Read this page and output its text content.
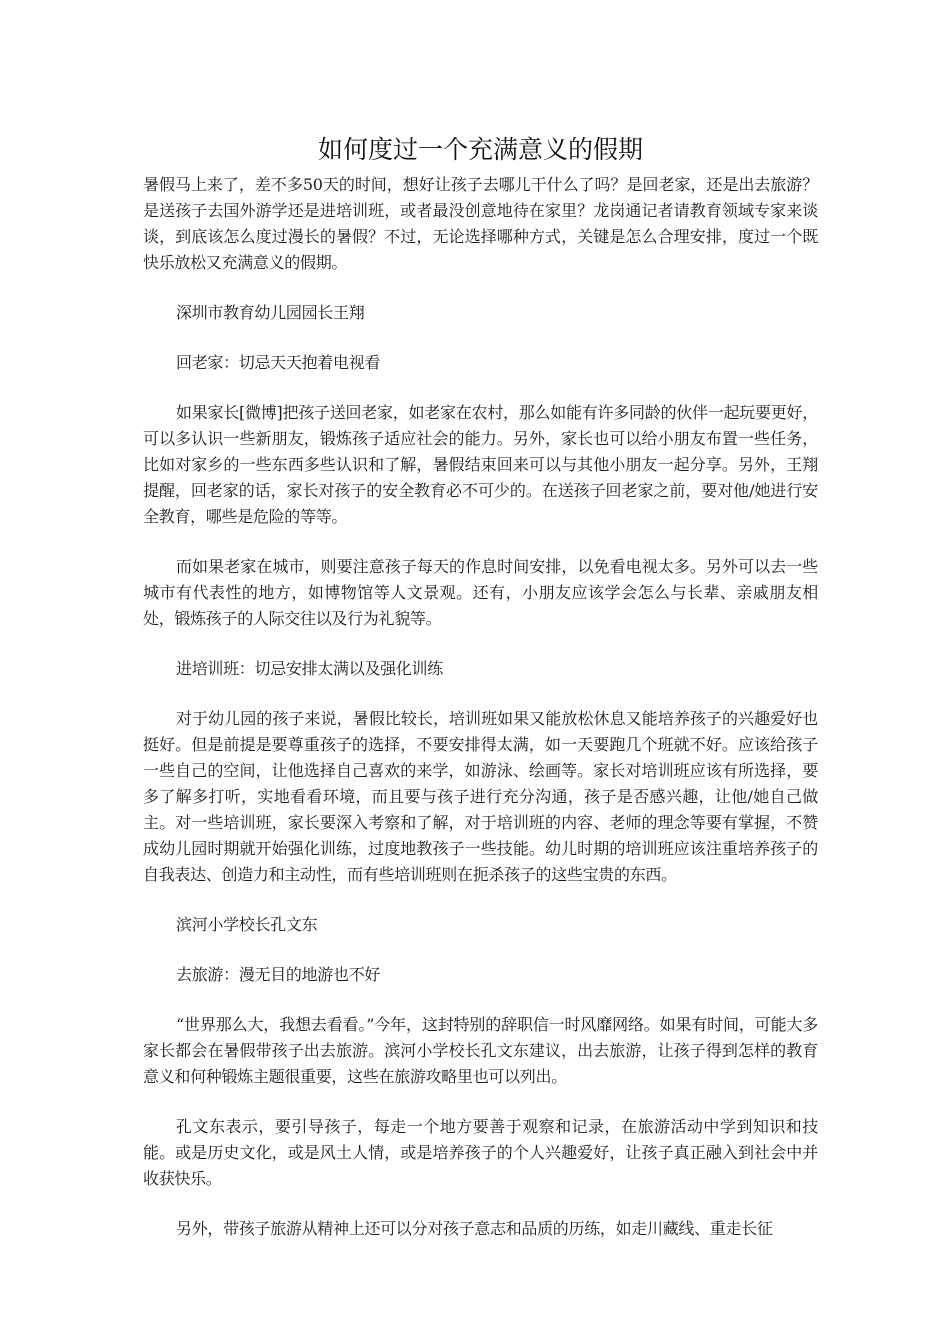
如何度过一个充满意义的假期

暑假马上来了，差不多50天的时间，想好让孩子去哪儿干什么了吗？是回老家，还是出去旅游？是送孩子去国外游学还是进培训班，或者最没创意地待在家里？龙岗通记者请教育领域专家来谈谈，到底该怎么度过漫长的暑假？不过，无论选择哪种方式，关键是怎么合理安排，度过一个既快乐放松又充满意义的假期。

深圳市教育幼儿园园长王翔

回老家：切忌天天抱着电视看

如果家长[微博]把孩子送回老家，如老家在农村，那么如能有许多同龄的伙伴一起玩要更好，可以多认识一些新朋友，锻炼孩子适应社会的能力。另外，家长也可以给小朋友布置一些任务，比如对家乡的一些东西多些认识和了解，暑假结束回来可以与其他小朋友一起分享。另外，王翔提醒，回老家的话，家长对孩子的安全教育必不可少的。在送孩子回老家之前，要对他/她进行安全教育，哪些是危险的等等。

而如果老家在城市，则要注意孩子每天的作息时间安排，以免看电视太多。另外可以去一些城市有代表性的地方，如博物馆等人文景观。还有，小朋友应该学会怎么与长辈、亲戚朋友相处，锻炼孩子的人际交往以及行为礼貌等。

进培训班：切忌安排太满以及强化训练

对于幼儿园的孩子来说，暑假比较长，培训班如果又能放松休息又能培养孩子的兴趣爱好也挺好。但是前提是要尊重孩子的选择，不要安排得太满，如一天要跑几个班就不好。应该给孩子一些自己的空间，让他选择自己喜欢的来学，如游泳、绘画等。家长对培训班应该有所选择，要多了解多打听，实地看看环境，而且要与孩子进行充分沟通，孩子是否感兴趣，让他/她自己做主。对一些培训班，家长要深入考察和了解，对于培训班的内容、老师的理念等要有掌握，不赞成幼儿园时期就开始强化训练，过度地教孩子一些技能。幼儿时期的培训班应该注重培养孩子的自我表达、创造力和主动性，而有些培训班则在扼杀孩子的这些宝贵的东西。

滨河小学校长孔文东

去旅游：漫无目的地游也不好

“世界那么大，我想去看看。”今年，这封特别的辞职信一时风靡网络。如果有时间，可能大多家长都会在暑假带孩子出去旅游。滨河小学校长孔文东建议，出去旅游，让孩子得到怎样的教育意义和何种锻炼主题很重要，这些在旅游攻略里也可以列出。

孔文东表示，要引导孩子，每走一个地方要善于观察和记录，在旅游活动中学到知识和技能。或是历史文化，或是风土人情，或是培养孩子的个人兴趣爱好，让孩子真正融入到社会中并收获快乐。

另外，带孩子旅游从精神上还可以分对孩子意志和品质的历练，如走川藏线、重走长征
